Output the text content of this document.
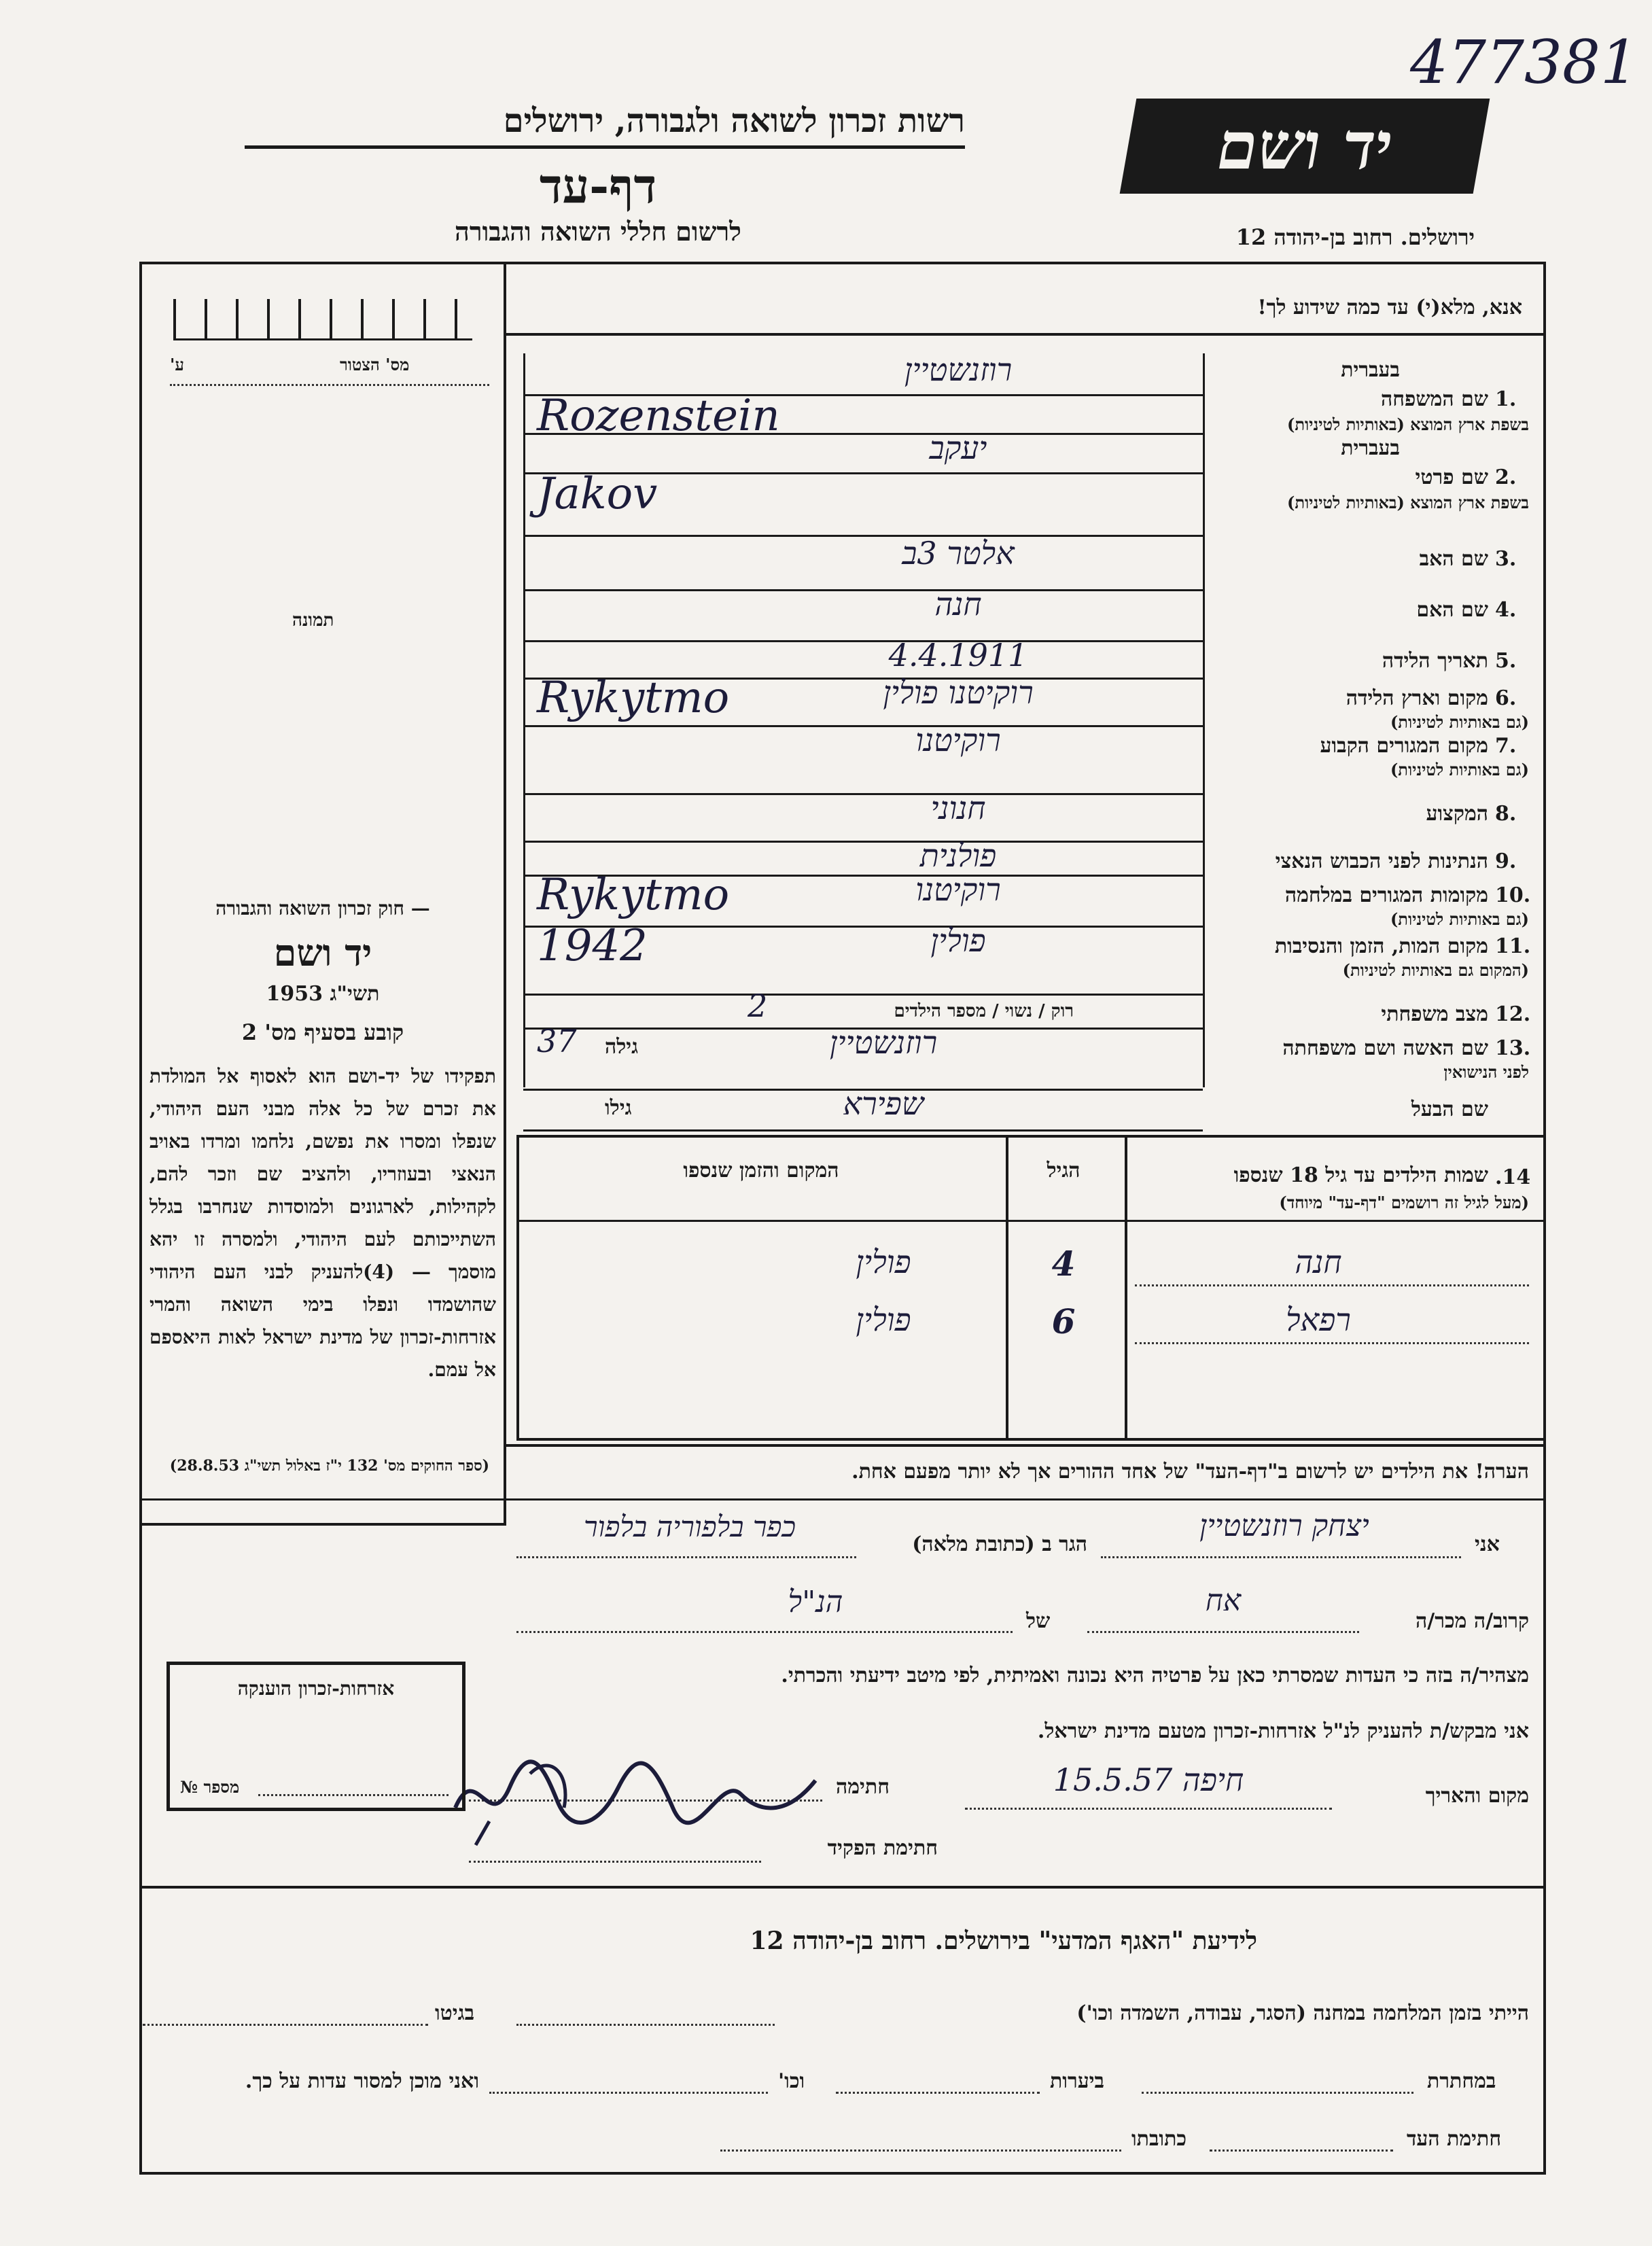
477381
יד ושם
רשות זכרון לשואה ולגבורה, ירושלים
דף-עד
לרשום חללי השואה והגבורה	ירושלים. רחוב בן-יהודה 12
מס' הצטור
ע'
תמונה
— חוק זכרון השואה והגבורה
יד ושם
תשי"ג 1953
קובע בסעיף מס' 2
תפקידו של יד-ושם הוא לאסוף אל המולדת את זכרם של כל אלה מבני העם היהודי, שנפלו ומסרו את נפשם, נלחמו ומרדו באויב הנאצי ובעוזריו, ולהציב שם וזכר להם, לקהילות, לארגונים ולמוסדות שנחרבו בגלל השתייכותם לעם היהודי, ולמסרה זו יהא מוסמך — (4)להעניק לבני העם היהודי שהושמדו ונפלו בימי השואה והמרי אזרחות-זכרון של מדינת ישראל לאות היאספם אל עמם.
(ספר החוקים מס' 132 י"ז באלול תשי"ג 28.8.53)
אנא, מלא(י) עד כמה שידוע לך!
1.
שם המשפחה
בשפת ארץ המוצא (באותיות לטיניות)
בעברית
רוזנשטיין
Rozenstein
2.
שם פרטי
בשפת ארץ המוצא (באותיות לטיניות)
בעברית
יעקב
Jakov
3.
שם האב
אלטר 3ב
4.
שם האם
חנה
5.
תאריך הלידה
4.4.1911
6.
מקום וארץ הלידה
(גם באותיות לטיניות)
רוקיטנו פולין
Rykytmo
7.
מקום המגורים הקבוע
(גם באותיות לטיניות)
רוקיטנו
8.
המקצוע
חנוני
9.
הנתינות לפני הכבוש הנאצי
פולנית
10.
מקומות המגורים במלחמה
(גם באותיות לטיניות)
רוקיטנו
Rykytmo
11.
מקום המות, הזמן והנסיבות
(המקום גם באותיות לטיניות)
פולין
1942
12.
מצב משפחתי
רוק / נשוי / מספר הילדים
2
13.
שם האשה ושם משפחתה
לפני הנישואין
רוזנשטיין
גילה
37
שם הבעל
שפירא
גילו
14.
שמות הילדים עד גיל 18 שנספו
(מעל לגיל זה רושמים "דף-עד" מיוחד)
הגיל
המקום והזמן שנספו
חנה
4
פולין
רפאל
6
פולין
הערה! את הילדים יש לרשום ב"דף-העד" של אחד ההורים אך לא יותר מפעם אחת.
אני
יצחק רוזנשטיין
הגר ב (כתובת מלאה)
כפר בלפוריה בלפור
קרוב/ה מכר/ה
אח
של
הנ"ל
מצהיר/ה בזה כי העדות שמסרתי כאן על פרטיה היא נכונה ואמיתית, לפי מיטב ידיעתי והכרתי.
אני מבקש/ת להעניק לנ"ל אזרחות-זכרון מטעם מדינת ישראל.
מקום והאריך
חיפה 15.5.57
חתימה
חתימת הפקיד
אזרחות-זכרון הוענקה
מספר №
לידיעת "האגף המדעי" בירושלים. רחוב בן-יהודה 12
הייתי בזמן המלחמה במחנה (הסגר, עבודה, השמדה וכו')
בגיטו
במחתרת
ביערות
וכו'
ואני מוכן למסור עדות על כך.
חתימת העד
כתובתו
